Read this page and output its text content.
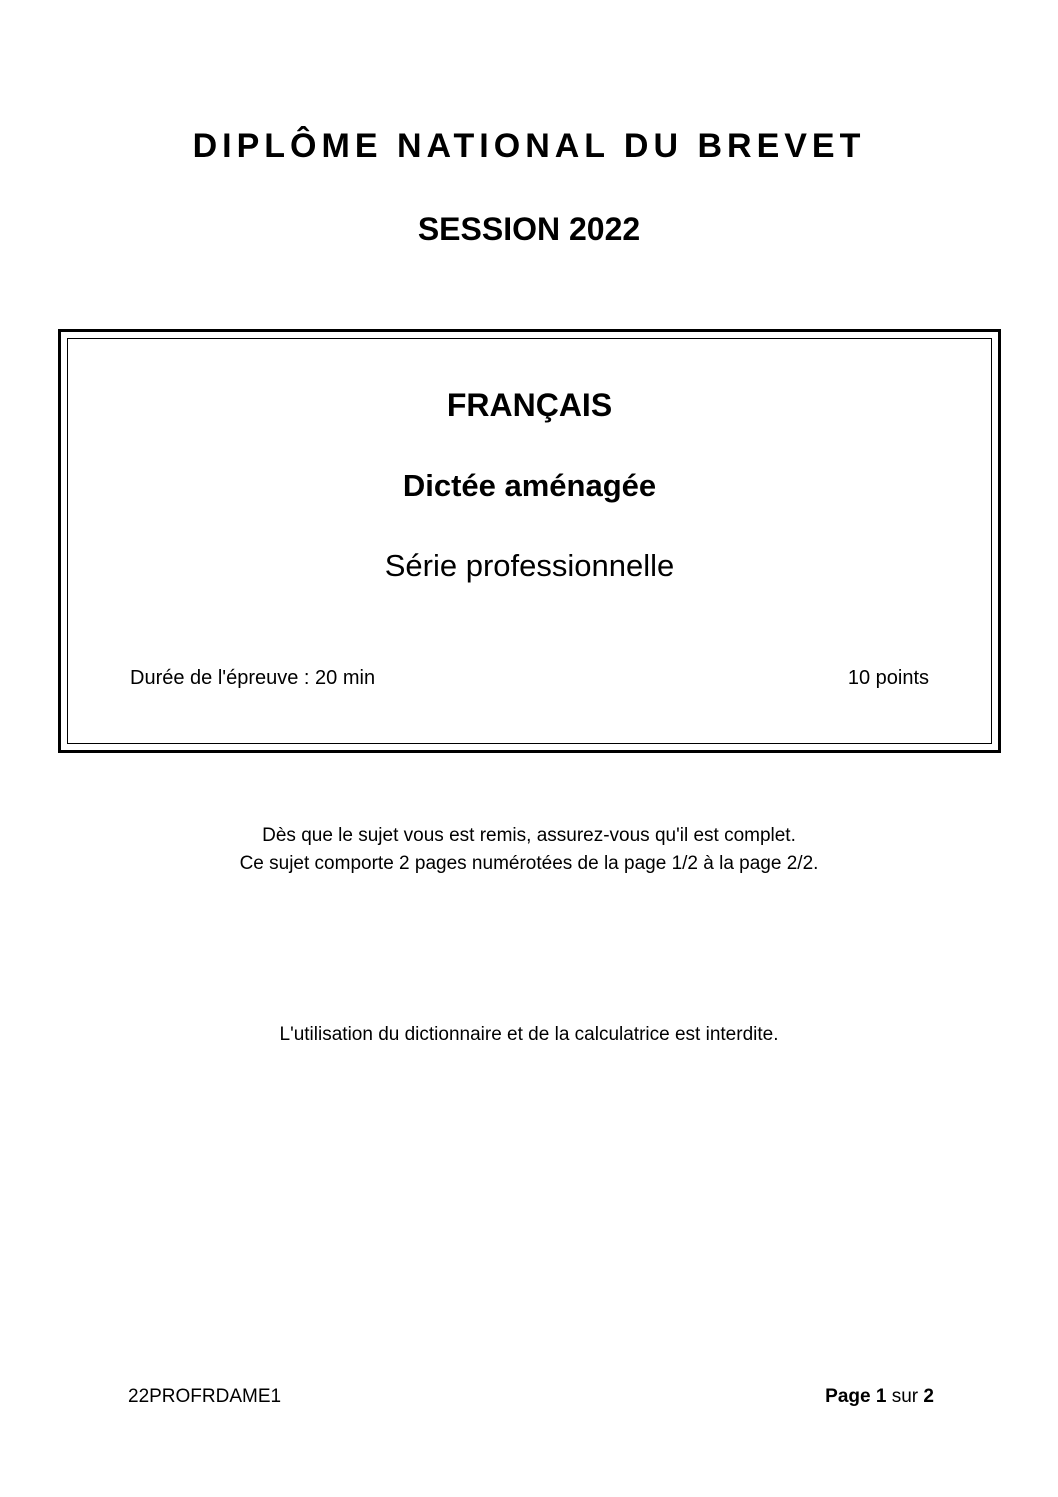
DIPLÔME NATIONAL DU BREVET
SESSION 2022
FRANÇAIS
Dictée aménagée
Série professionnelle
Durée de l'épreuve : 20 min	10 points
Dès que le sujet vous est remis, assurez-vous qu'il est complet.
Ce sujet comporte 2 pages numérotées de la page 1/2 à la page 2/2.
L'utilisation du dictionnaire et de la calculatrice est interdite.
22PROFRDAME1	Page 1 sur 2
